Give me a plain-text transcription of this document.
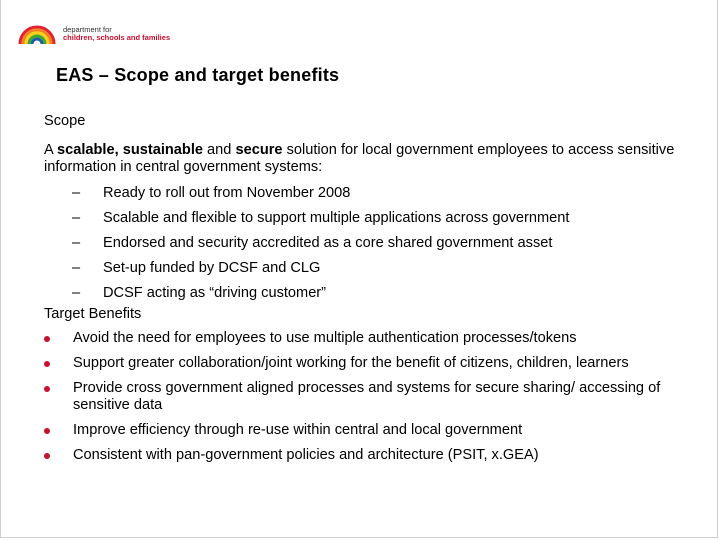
department for
children, schools and families
EAS – Scope and target benefits
Scope
A scalable, sustainable and secure solution for local government employees to access sensitive information in central government systems:
– Ready to roll out from November 2008
– Scalable and flexible to support multiple applications across government
– Endorsed and security accredited as a core shared government asset
– Set-up funded by DCSF and CLG
– DCSF acting as “driving customer”
Target Benefits
Avoid the need for employees to use multiple authentication processes/tokens
Support greater collaboration/joint working for the benefit of citizens, children, learners
Provide cross government aligned processes and systems for secure sharing/ accessing of sensitive data
Improve efficiency through re-use within central and local government
Consistent with pan-government policies and architecture (PSIT, x.GEA)
